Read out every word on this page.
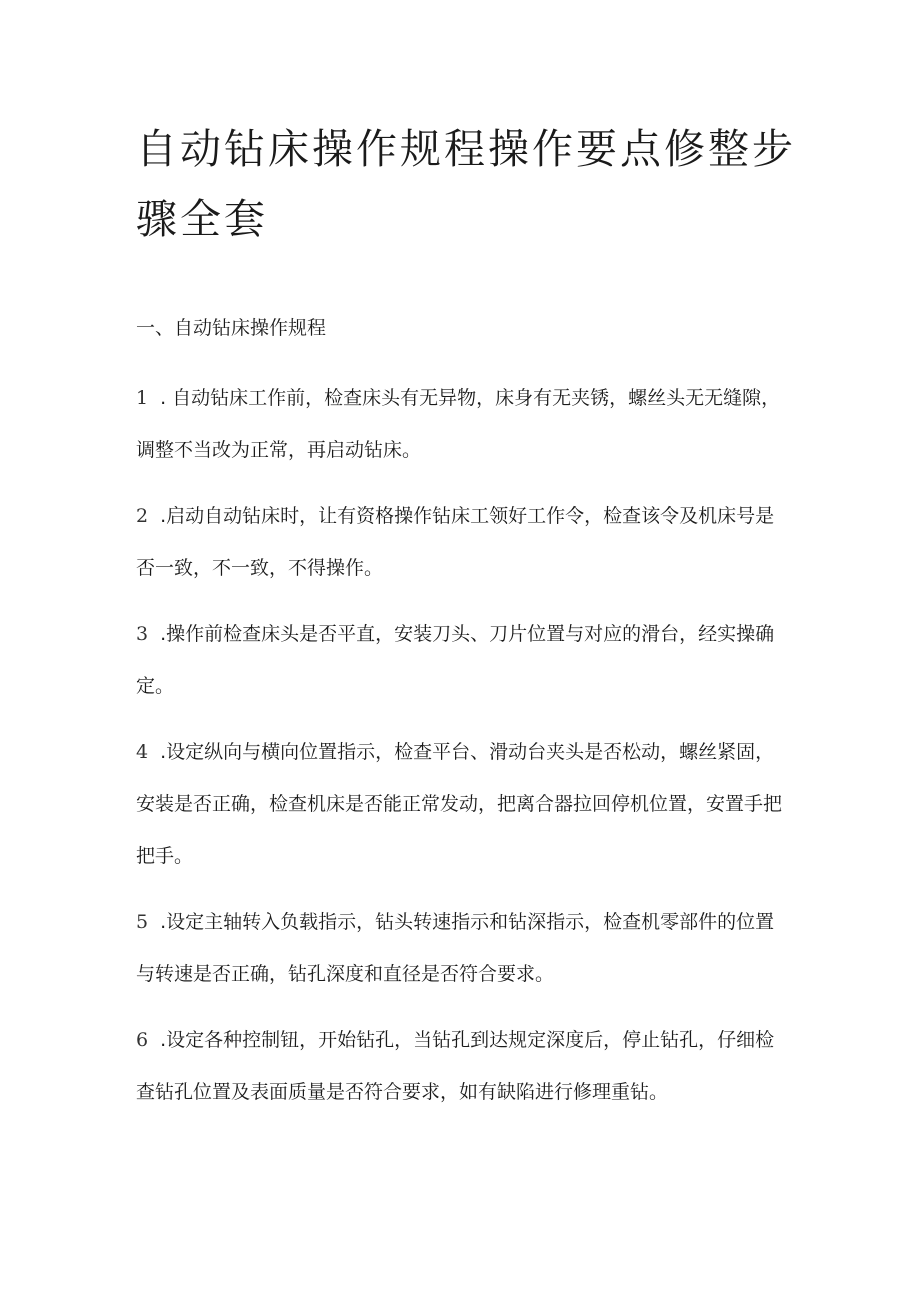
自动钻床操作规程操作要点修整步骤全套
一、自动钻床操作规程

1 . 自动钻床工作前，检查床头有无异物，床身有无夹锈，螺丝头无无缝隙，调整不当改为正常，再启动钻床。

2 .启动自动钻床时，让有资格操作钻床工领好工作令，检查该令及机床号是否一致，不一致，不得操作。

3 .操作前检查床头是否平直，安装刀头、刀片位置与对应的滑台，经实操确定。

4 .设定纵向与横向位置指示，检查平台、滑动台夹头是否松动，螺丝紧固，安装是否正确，检查机床是否能正常发动，把离合器拉回停机位置，安置手把把手。

5 .设定主轴转入负载指示，钻头转速指示和钻深指示，检查机零部件的位置与转速是否正确，钻孔深度和直径是否符合要求。

6 .设定各种控制钮，开始钻孔，当钻孔到达规定深度后，停止钻孔，仔细检查钻孔位置及表面质量是否符合要求，如有缺陷进行修理重钻。
